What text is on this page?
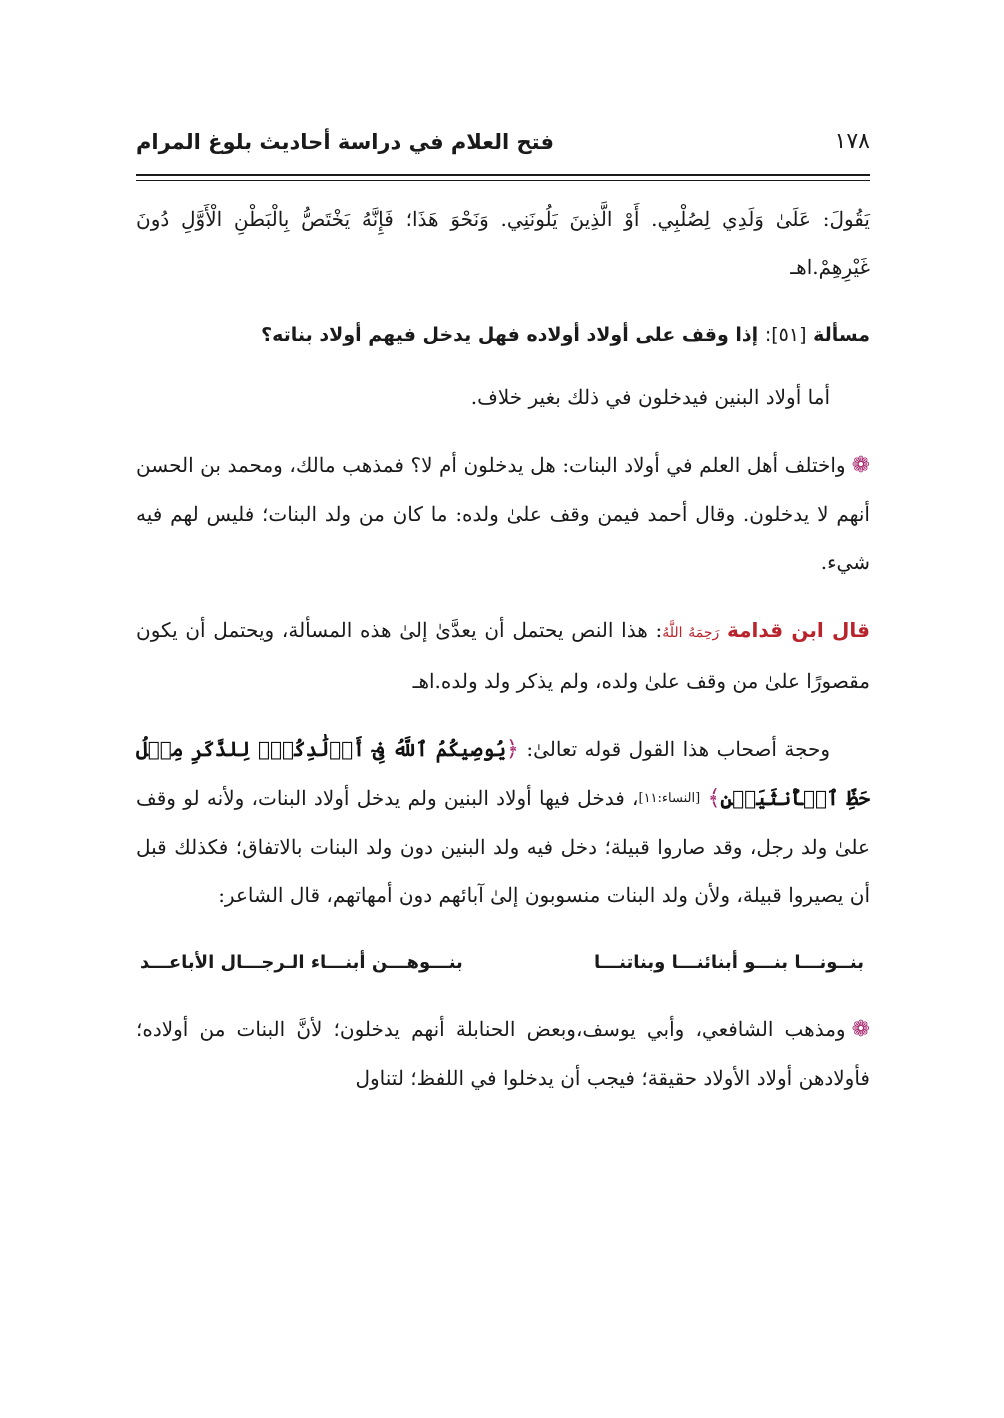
١٧٨
فتح العلام في دراسة أحاديث بلوغ المرام

يَقُولَ: عَلَىٰ وَلَدِي لِصُلْبِي. أَوْ الَّذِينَ يَلُونَنِي. وَنَحْوَ هَذَا؛ فَإِنَّهُ يَخْتَصُّ بِالْبَطْنِ الْأَوَّلِ دُونَ غَيْرِهِمْ.اهـ

مسألة [٥١]: إذا وقف على أولاد أولاده فهل يدخل فيهم أولاد بناته؟

أما أولاد البنين فيدخلون في ذلك بغير خلاف.

❁واختلف أهل العلم في أولاد البنات: هل يدخلون أم لا؟ فمذهب مالك، ومحمد بن الحسن أنهم لا يدخلون. وقال أحمد فيمن وقف علىٰ ولده: ما كان من ولد البنات؛ فليس لهم فيه شيء.

قال ابن قدامة رَحِمَهُ اللَّهُ: هذا النص يحتمل أن يعدَّىٰ إلىٰ هذه المسألة، ويحتمل أن يكون مقصورًا علىٰ من وقف علىٰ ولده، ولم يذكر ولد ولده.اهـ

وحجة أصحاب هذا القول قوله تعالىٰ: ﴿يُوصِيكُمُ ٱللَّهُ فِىٓ أَوۡلَٰدِكُمۡۖ لِلذَّكَرِ مِثۡلُ حَظِّ ٱلۡأُنثَيَيۡنِ﴾ [النساء:١١]، فدخل فيها أولاد البنين ولم يدخل أولاد البنات، ولأنه لو وقف علىٰ ولد رجل، وقد صاروا قبيلة؛ دخل فيه ولد البنين دون ولد البنات بالاتفاق؛ فكذلك قبل أن يصيروا قبيلة، ولأن ولد البنات منسوبون إلىٰ آبائهم دون أمهاتهم، قال الشاعر:

بنــونـــا بنـــو أبنائنـــا وبناتنـــا
بنـــوهـــن أبنـــاء الـرجـــال الأباعـــد

❁ومذهب الشافعي، وأبي يوسف،وبعض الحنابلة أنهم يدخلون؛ لأنَّ البنات من أولاده؛ فأولادهن أولاد الأولاد حقيقة؛ فيجب أن يدخلوا في اللفظ؛ لتناول
